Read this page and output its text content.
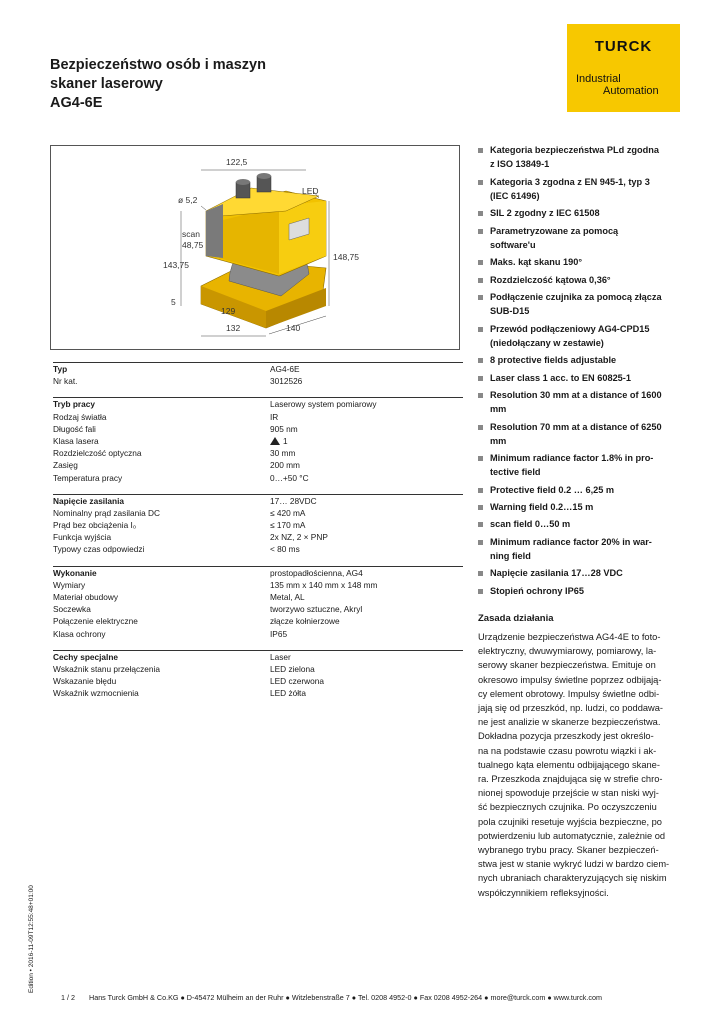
Bezpieczeństwo osób i maszyn
skaner laserowy
AG4-6E
TURCK
Industrial
Automation
122,5
ø 5,2
LED
scan
48,75
143,75
148,75
5
129
132	140
Typ	AG4-6E
Nr kat.	3012526
Tryb pracy	Laserowy system pomiarowy
Rodzaj światła	IR
Długość fali	905 nm
Klasa lasera	1
Rozdzielczość optyczna	30 mm
Zasięg	200 mm
Temperatura pracy	0…+50 °C
Napięcie zasilania	17… 28VDC
Nominalny prąd zasilania DC	≤ 420 mA
Prąd bez obciążenia I₀	≤ 170 mA
Funkcja wyjścia	2x NZ, 2 × PNP
Typowy czas odpowiedzi	< 80 ms
Wykonanie	prostopadłościenna, AG4
Wymiary	135 mm x 140 mm x 148 mm
Materiał obudowy	Metal, AL
Soczewka	tworzywo sztuczne, Akryl
Połączenie elektryczne	złącze kołnierzowe
Klasa ochrony	IP65
Cechy specjalne	Laser
Wskaźnik stanu przełączenia	LED zielona
Wskazanie błędu	LED czerwona
Wskaźnik wzmocnienia	LED żółta
Kategoria bezpieczeństwa PLd zgodna
z ISO 13849-1
Kategoria 3 zgodna z EN 945-1, typ 3
(IEC 61496)
SIL 2 zgodny z IEC 61508
Parametryzowane za pomocą
software'u
Maks. kąt skanu 190°
Rozdzielczość kątowa 0,36°
Podłączenie czujnika za pomocą złącza
SUB-D15
Przewód podłączeniowy AG4-CPD15
(niedołączany w zestawie)
8 protective fields adjustable
Laser class 1 acc. to EN 60825-1
Resolution 30 mm at a distance of 1600
mm
Resolution 70 mm at a distance of 6250
mm
Minimum radiance factor 1.8% in pro-
tective field
Protective field 0.2 … 6,25 m
Warning field 0.2…15 m
scan field 0…50 m
Minimum radiance factor 20% in war-
ning field
Napięcie zasilania 17…28 VDC
Stopień ochrony IP65
Zasada działania
Urządzenie bezpieczeństwa AG4-4E to foto-
elektryczny, dwuwymiarowy, pomiarowy, la-
serowy skaner bezpieczeństwa. Emituje on
okresowo impulsy świetlne poprzez odbijają-
cy element obrotowy. Impulsy świetlne odbi-
jają się od przeszkód, np. ludzi, co poddawa-
ne jest analizie w skanerze bezpieczeństwa.
Dokładna pozycja przeszkody jest określo-
na na podstawie czasu powrotu wiązki i ak-
tualnego kąta elementu odbijającego skane-
ra. Przeszkoda znajdująca się w strefie chro-
nionej spowoduje przejście w stan niski wyj-
ść bezpiecznych czujnika. Po oczyszczeniu
pola czujniki resetuje wyjścia bezpieczne, po
potwierdzeniu lub automatycznie, zależnie od
wybranego trybu pracy. Skaner bezpieczeń-
stwa jest w stanie wykryć ludzi w bardzo ciem-
nych ubraniach charakteryzujących się niskim
współczynnikiem refleksyjności.
Edition • 2016-11-09T12:55:48+01:00
1 / 2 Hans Turck GmbH & Co.KG ● D-45472 Mülheim an der Ruhr ● Witzlebenstraße 7 ● Tel. 0208 4952-0 ● Fax 0208 4952-264 ● more@turck.com ● www.turck.com
